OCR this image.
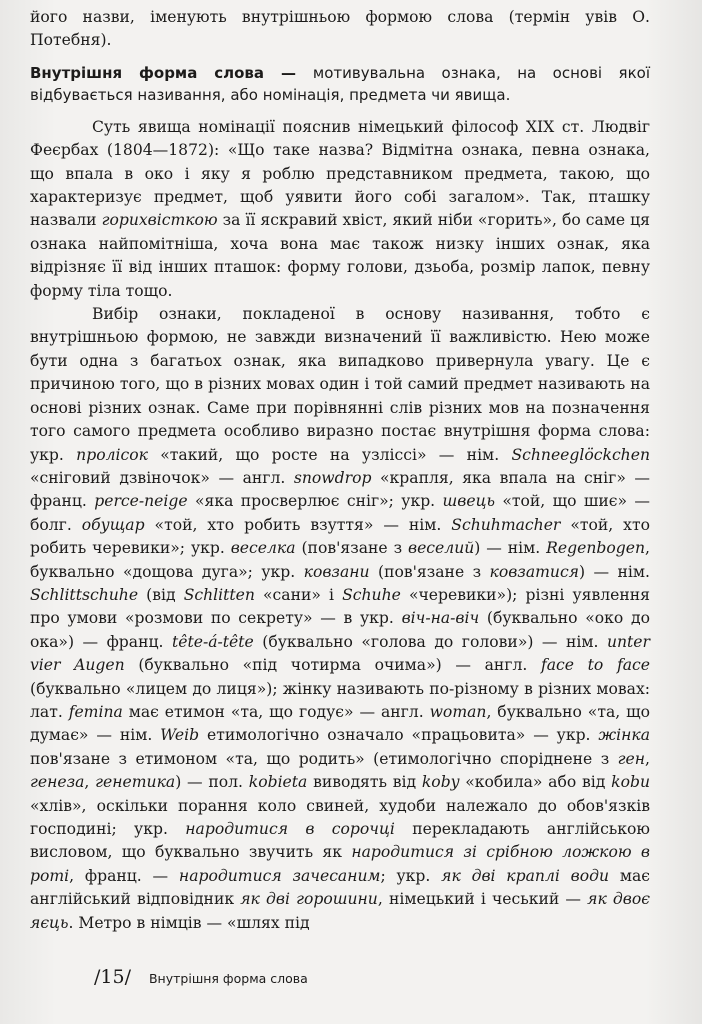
його назви, іменують внутрішньою формою слова (термін увів О. Потебня).

Внутрішня форма слова — мотивувальна ознака, на основі якої відбувається називання, або номінація, предмета чи явища.

Суть явища номінації пояснив німецький філософ XIX ст. Людвіг Феєрбах (1804—1872): «Що таке назва? Відмітна ознака, певна ознака, що впала в око і яку я роблю представником предмета, такою, що характеризує предмет, щоб уявити його собі загалом». Так, пташку назвали горихвісткою за її яскравий хвіст, який ніби «горить», бо саме ця ознака найпомітніша, хоча вона має також низку інших ознак, яка відрізняє її від інших пташок: форму голови, дзьоба, розмір лапок, певну форму тіла тощо.

Вибір ознаки, покладеної в основу називання, тобто є внутрішньою формою, не завжди визначений її важливістю. Нею може бути одна з багатьох ознак, яка випадково привернула увагу. Це є причиною того, що в різних мовах один і той самий предмет називають на основі різних ознак. Саме при порівнянні слів різних мов на позначення того самого предмета особливо виразно постає внутрішня форма слова: укр. пролісок «такий, що росте на узліссі» — нім. Schneeglöckchen «сніговий дзвіночок» — англ. snowdrop «крапля, яка впала на сніг» — франц. perce-neige «яка просверлює сніг»; укр. швець «той, що шиє» — болг. обущар «той, хто робить взуття» — нім. Schuhmacher «той, хто робить черевики»; укр. веселка (пов'язане з веселий) — нім. Regenbogen, буквально «дощова дуга»; укр. ковзани (пов'язане з ковзатися) — нім. Schlittschuhe (від Schlitten «сани» і Schuhe «черевики»); різні уявлення про умови «розмови по секрету» — в укр. віч-на-віч (буквально «око до ока») — франц. tête-á-tête (буквально «голова до голови») — нім. unter vier Augen (буквально «під чотирма очима») — англ. face to face (буквально «лицем до лиця»); жінку називають по-різному в різних мовах: лат. femina має етимон «та, що годує» — англ. woman, буквально «та, що думає» — нім. Weib етимологічно означало «працьовита» — укр. жінка пов'язане з етимоном «та, що родить» (етимологічно споріднене з ген, генеза, генетика) — пол. kobieta виводять від koby «кобила» або від kobu «хлів», оскільки порання коло свиней, худоби належало до обов'язків господині; укр. народитися в сорочці перекладають англійською висловом, що буквально звучить як народитися зі срібною ложкою в роті, франц. — народитися зачесаним; укр. як дві краплі води має англійський відповідник як дві горошини, німецький і чеський — як двоє яєць. Метро в німців — «шлях під

/15/ Внутрішня форма слова
